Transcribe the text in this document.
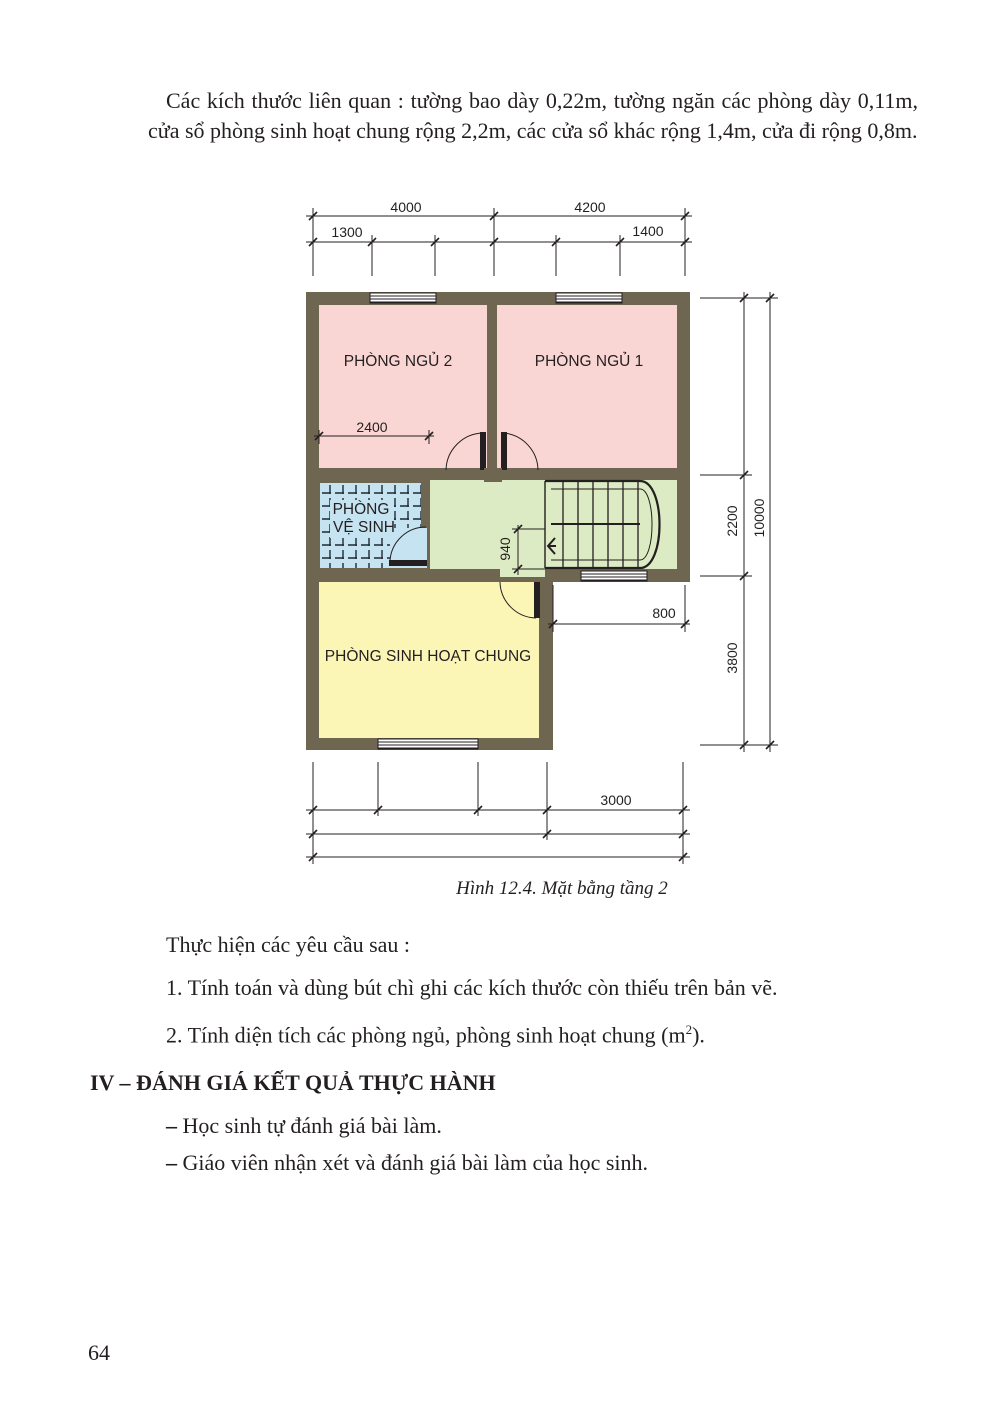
Các kích thước liên quan : tường bao dày 0,22m, tường ngăn các phòng dày 0,11m, cửa sổ phòng sinh hoạt chung rộng 2,2m, các cửa sổ khác rộng 1,4m, cửa đi rộng 0,8m.

4000	4200
1300	1400
2400
940
800
2200
3800
10000
3000
PHÒNG NGỦ 2	PHÒNG NGỦ 1
PHÒNG
VỆ SINH
PHÒNG SINH HOẠT CHUNG

Hình 12.4. Mặt bằng tầng 2

Thực hiện các yêu cầu sau :

1. Tính toán và dùng bút chì ghi các kích thước còn thiếu trên bản vẽ.

2. Tính diện tích các phòng ngủ, phòng sinh hoạt chung $(m^2)$.

IV – ĐÁNH GIÁ KẾT QUẢ THỰC HÀNH

– Học sinh tự đánh giá bài làm.

– Giáo viên nhận xét và đánh giá bài làm của học sinh.

64
